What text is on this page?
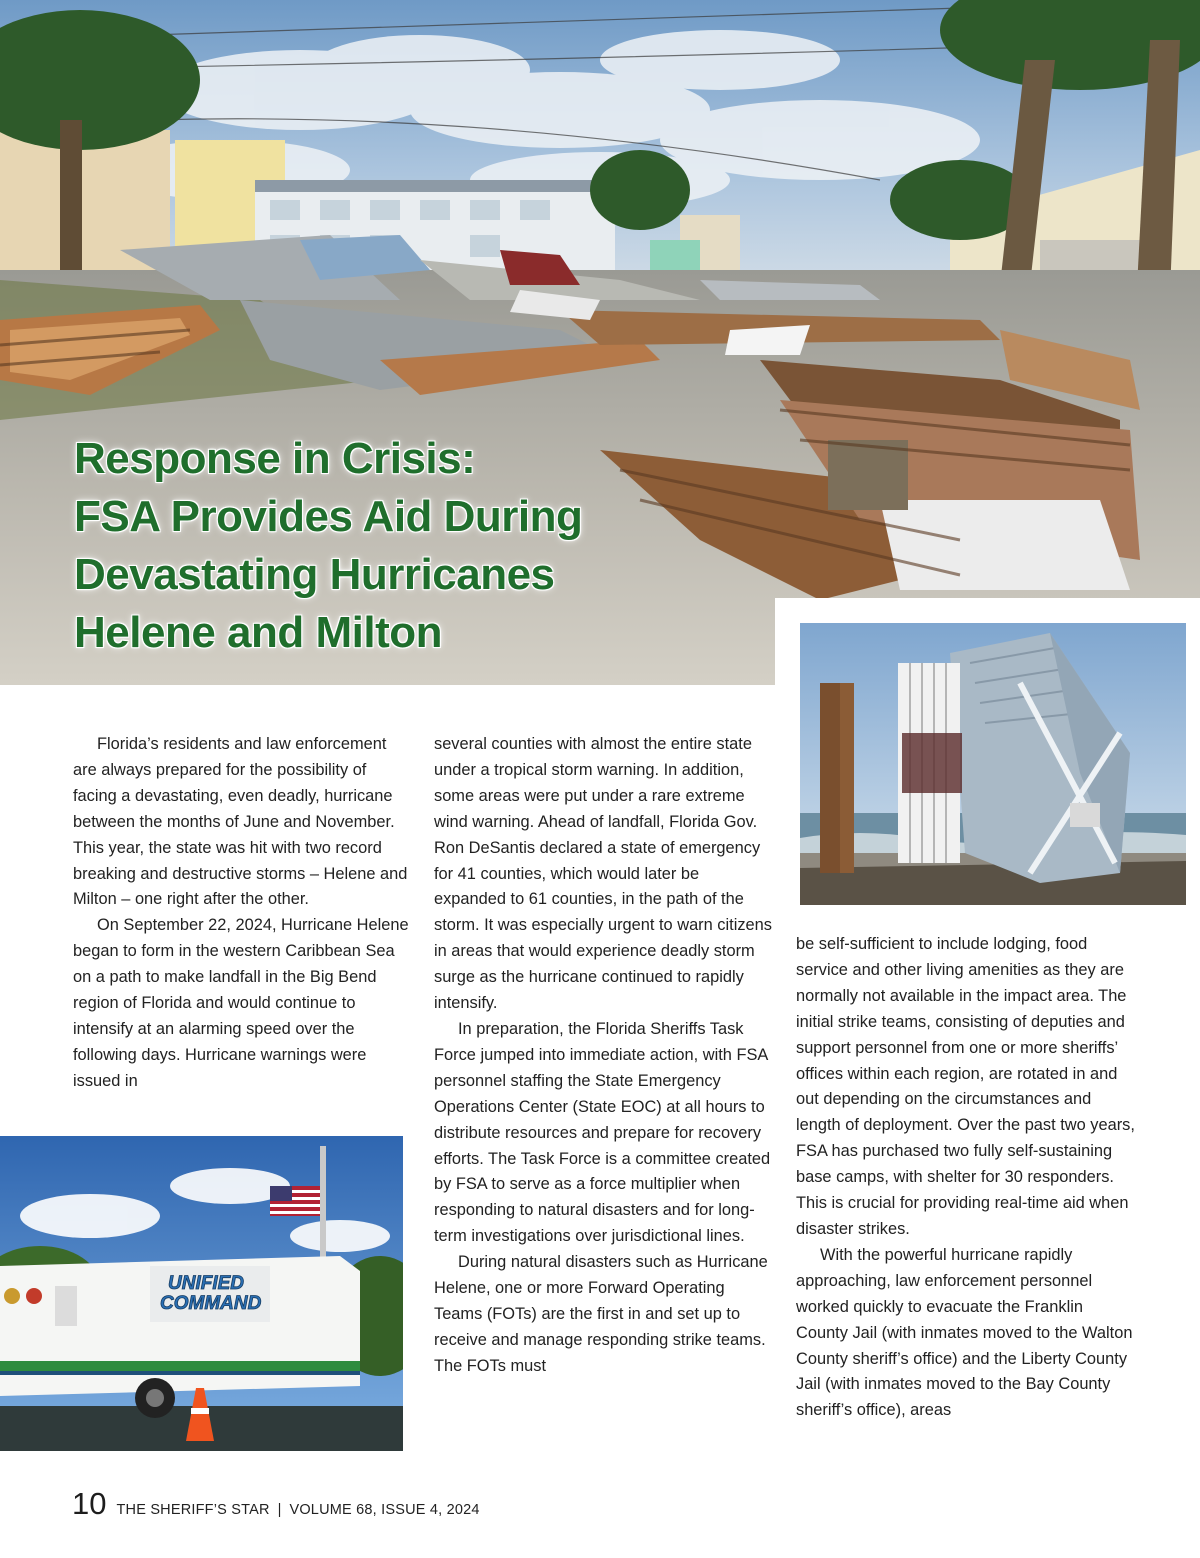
Response in Crisis:
FSA Provides Aid During
Devastating Hurricanes
Helene and Milton
UNIFIED
COMMAND

Florida’s residents and law enforcement are always prepared for the possibility of facing a devastating, even deadly, hurricane between the months of June and November. This year, the state was hit with two record breaking and destructive storms – Helene and Milton – one right after the other.

On September 22, 2024, Hurricane Helene began to form in the western Caribbean Sea on a path to make landfall in the Big Bend region of Florida and would continue to intensify at an alarming speed over the following days. Hurricane warnings were issued in

several counties with almost the entire state under a tropical storm warning. In addition, some areas were put under a rare extreme wind warning. Ahead of landfall, Florida Gov. Ron DeSantis declared a state of emergency for 41 counties, which would later be expanded to 61 counties, in the path of the storm. It was especially urgent to warn citizens in areas that would experience deadly storm surge as the hurricane continued to rapidly intensify.

In preparation, the Florida Sheriffs Task Force jumped into immediate action, with FSA personnel staffing the State Emergency Operations Center (State EOC) at all hours to distribute resources and prepare for recovery efforts. The Task Force is a committee created by FSA to serve as a force multiplier when responding to natural disasters and for long-term investigations over jurisdictional lines.

During natural disasters such as Hurricane Helene, one or more Forward Operating Teams (FOTs) are the first in and set up to receive and manage responding strike teams. The FOTs must

be self-sufficient to include lodging, food service and other living amenities as they are normally not available in the impact area. The initial strike teams, consisting of deputies and support personnel from one or more sheriffs’ offices within each region, are rotated in and out depending on the circumstances and length of deployment. Over the past two years, FSA has purchased two fully self-sustaining base camps, with shelter for 30 responders. This is crucial for providing real-time aid when disaster strikes.

With the powerful hurricane rapidly approaching, law enforcement personnel worked quickly to evacuate the Franklin County Jail (with inmates moved to the Walton County sheriff’s office) and the Liberty County Jail (with inmates moved to the Bay County sheriff’s office), areas

10 THE SHERIFF’S STAR | VOLUME 68, ISSUE 4, 2024
